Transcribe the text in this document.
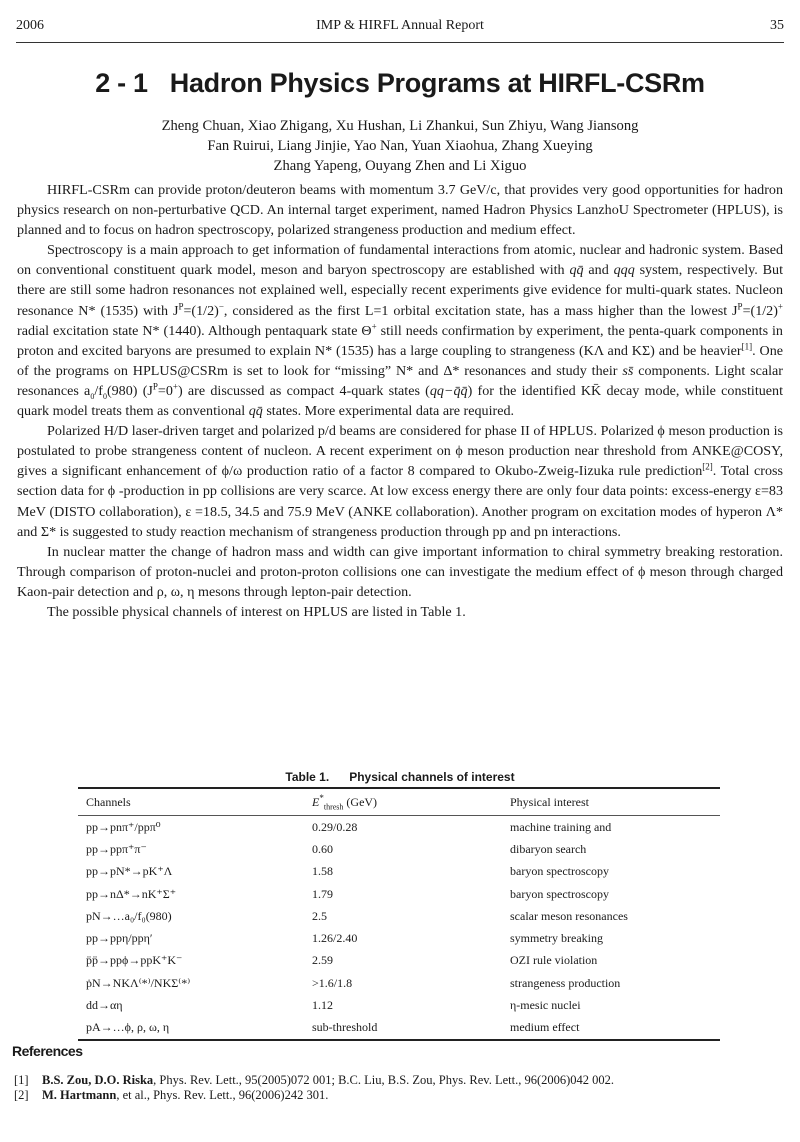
2006	IMP & HIRFL Annual Report	35
2 - 1 Hadron Physics Programs at HIRFL-CSRm
Zheng Chuan, Xiao Zhigang, Xu Hushan, Li Zhankui, Sun Zhiyu, Wang Jiansong
Fan Ruirui, Liang Jinjie, Yao Nan, Yuan Xiaohua, Zhang Xueying
Zhang Yapeng, Ouyang Zhen and Li Xiguo

HIRFL-CSRm can provide proton/deuteron beams with momentum 3.7 GeV/c, that provides very good opportunities for hadron physics research on non-perturbative QCD. An internal target experiment, named Hadron Physics LanzhoU Spectrometer (HPLUS), is planned and to focus on hadron spectroscopy, polarized strangeness production and medium effect.

Spectroscopy is a main approach to get information of fundamental interactions from atomic, nuclear and hadronic system. Based on conventional constituent quark model, meson and baryon spectroscopy are established with qq̄ and qqq system, respectively. But there are still some hadron resonances not explained well, especially recent experiments give evidence for multi-quark states. Nucleon resonance N* (1535) with $J^P=(1/2)^-$, considered as the first L=1 orbital excitation state, has a mass higher than the lowest $J^P=(1/2)^+$ radial excitation state N* (1440). Although pentaquark state Θ+ still needs confirmation by experiment, the penta-quark components in proton and excited baryons are presumed to explain N* (1535) has a large coupling to strangeness (KΛ and KΣ) and be heavier[1]. One of the programs on HPLUS@CSRm is set to look for “missing” N* and Δ* resonances and study their ss̄ components. Light scalar resonances $a_0/f_0(980)$ $(J^P=0^+)$ are discussed as compact 4-quark states (qq−q̄q̄) for the identified KK̄ decay mode, while constituent quark model treats them as conventional qq̄ states. More experimental data are required.

Polarized H/D laser-driven target and polarized p/d beams are considered for phase II of HPLUS. Polarized ϕ meson production is postulated to probe strangeness content of nucleon. A recent experiment on ϕ meson production near threshold from ANKE@COSY, gives a significant enhancement of ϕ/ω production ratio of a factor 8 compared to Okubo-Zweig-Iizuka rule prediction[2]. Total cross section data for ϕ -production in pp collisions are very scarce. At low excess energy there are only four data points: excess-energy ε=83 MeV (DISTO collaboration), ε =18.5, 34.5 and 75.9 MeV (ANKE collaboration). Another program on excitation modes of hyperon Λ* and Σ* is suggested to study reaction mechanism of strangeness production through pp and pn interactions.

In nuclear matter the change of hadron mass and width can give important information to chiral symmetry breaking restoration. Through comparison of proton-nuclei and proton-proton collisions one can investigate the medium effect of ϕ meson through charged Kaon-pair detection and ρ, ω, η mesons through lepton-pair detection.

The possible physical channels of interest on HPLUS are listed in Table 1.

Table 1. Physical channels of interest
Channels	$E^*_{thresh}$ (GeV)	Physical interest
pp→pnπ⁺/ppπ⁰	0.29/0.28	machine training and
pp→ppπ⁺π⁻	0.60	dibaryon search
pp→pN*→pK⁺Λ	1.58	baryon spectroscopy
pp→nΔ*→nK⁺Σ⁺	1.79	baryon spectroscopy
pN→…a₀/f₀(980)	2.5	scalar meson resonances
pp→ppη/ppη′	1.26/2.40	symmetry breaking
p̈p̈→ppϕ→ppK⁺K⁻	2.59	OZI rule violation
ṗN→NKΛ⁽*⁾/NKΣ⁽*⁾	>1.6/1.8	strangeness production
dd→αη	1.12	η-mesic nuclei
pA→…ϕ, ρ, ω, η	sub-threshold	medium effect
References
[1] B.S. Zou, D.O. Riska, Phys. Rev. Lett., 95(2005)072 001; B.C. Liu, B.S. Zou, Phys. Rev. Lett., 96(2006)042 002.
[2] M. Hartmann, et al., Phys. Rev. Lett., 96(2006)242 301.
